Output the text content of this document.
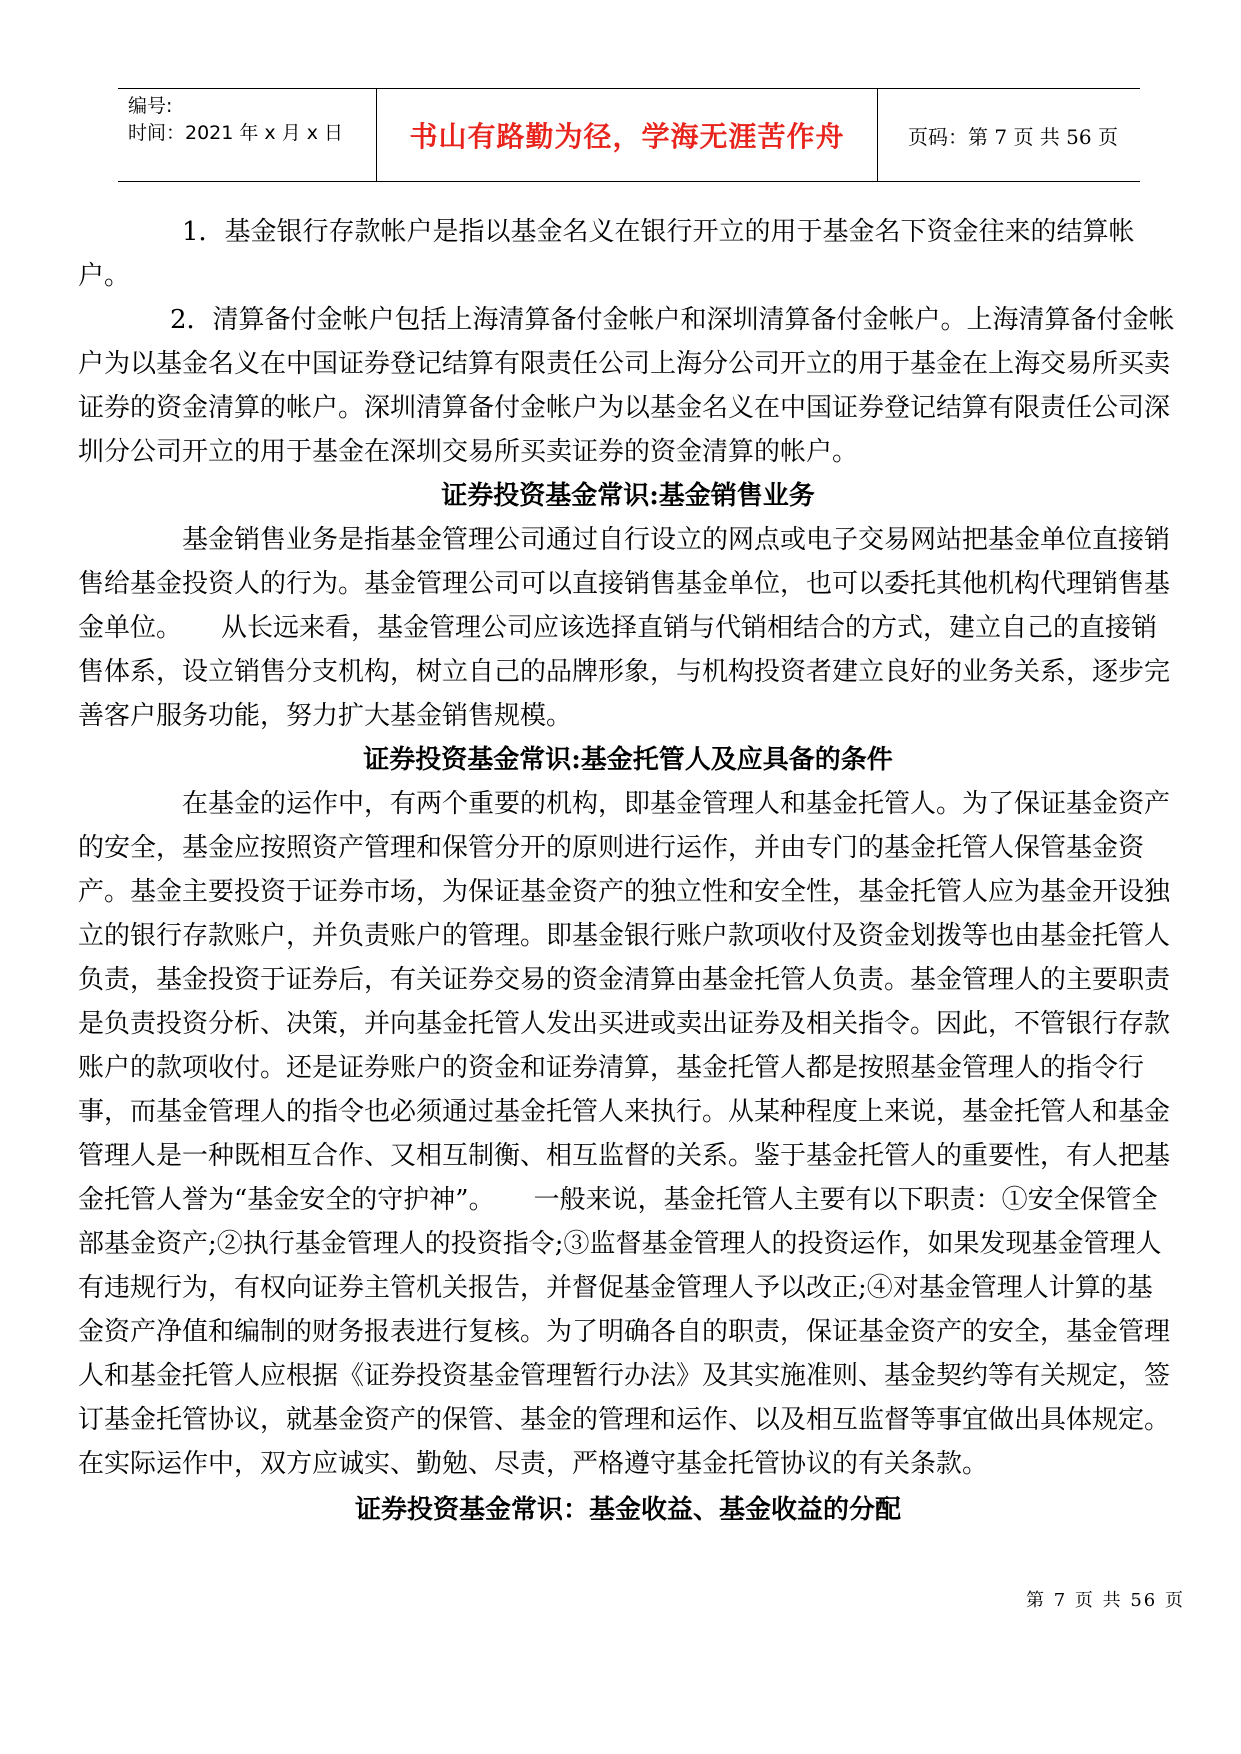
编号:
时间：2021 年 x 月 x 日	书山有路勤为径，学海无涯苦作舟	页码：第 7 页 共 56 页

1．基金银行存款帐户是指以基金名义在银行开立的用于基金名下资金往来的结算帐户。

2．清算备付金帐户包括上海清算备付金帐户和深圳清算备付金帐户。上海清算备付金帐户为以基金名义在中国证券登记结算有限责任公司上海分公司开立的用于基金在上海交易所买卖证券的资金清算的帐户。深圳清算备付金帐户为以基金名义在中国证券登记结算有限责任公司深圳分公司开立的用于基金在深圳交易所买卖证券的资金清算的帐户。

证券投资基金常识:基金销售业务

基金销售业务是指基金管理公司通过自行设立的网点或电子交易网站把基金单位直接销售给基金投资人的行为。基金管理公司可以直接销售基金单位，也可以委托其他机构代理销售基金单位。　　从长远来看，基金管理公司应该选择直销与代销相结合的方式，建立自己的直接销售体系，设立销售分支机构，树立自己的品牌形象，与机构投资者建立良好的业务关系，逐步完善客户服务功能，努力扩大基金销售规模。

证券投资基金常识:基金托管人及应具备的条件

在基金的运作中，有两个重要的机构，即基金管理人和基金托管人。为了保证基金资产的安全，基金应按照资产管理和保管分开的原则进行运作，并由专门的基金托管人保管基金资产。基金主要投资于证券市场，为保证基金资产的独立性和安全性，基金托管人应为基金开设独立的银行存款账户，并负责账户的管理。即基金银行账户款项收付及资金划拨等也由基金托管人负责，基金投资于证券后，有关证券交易的资金清算由基金托管人负责。基金管理人的主要职责是负责投资分析、决策，并向基金托管人发出买进或卖出证券及相关指令。因此，不管银行存款账户的款项收付。还是证券账户的资金和证券清算，基金托管人都是按照基金管理人的指令行事，而基金管理人的指令也必须通过基金托管人来执行。从某种程度上来说，基金托管人和基金管理人是一种既相互合作、又相互制衡、相互监督的关系。鉴于基金托管人的重要性，有人把基金托管人誉为“基金安全的守护神”。　　一般来说，基金托管人主要有以下职责：①安全保管全部基金资产;②执行基金管理人的投资指令;③监督基金管理人的投资运作，如果发现基金管理人有违规行为，有权向证券主管机关报告，并督促基金管理人予以改正;④对基金管理人计算的基金资产净值和编制的财务报表进行复核。为了明确各自的职责，保证基金资产的安全，基金管理人和基金托管人应根据《证券投资基金管理暂行办法》及其实施准则、基金契约等有关规定，签订基金托管协议，就基金资产的保管、基金的管理和运作、以及相互监督等事宜做出具体规定。在实际运作中，双方应诚实、勤勉、尽责，严格遵守基金托管协议的有关条款。

证券投资基金常识：基金收益、基金收益的分配

第 7 页 共 56 页
